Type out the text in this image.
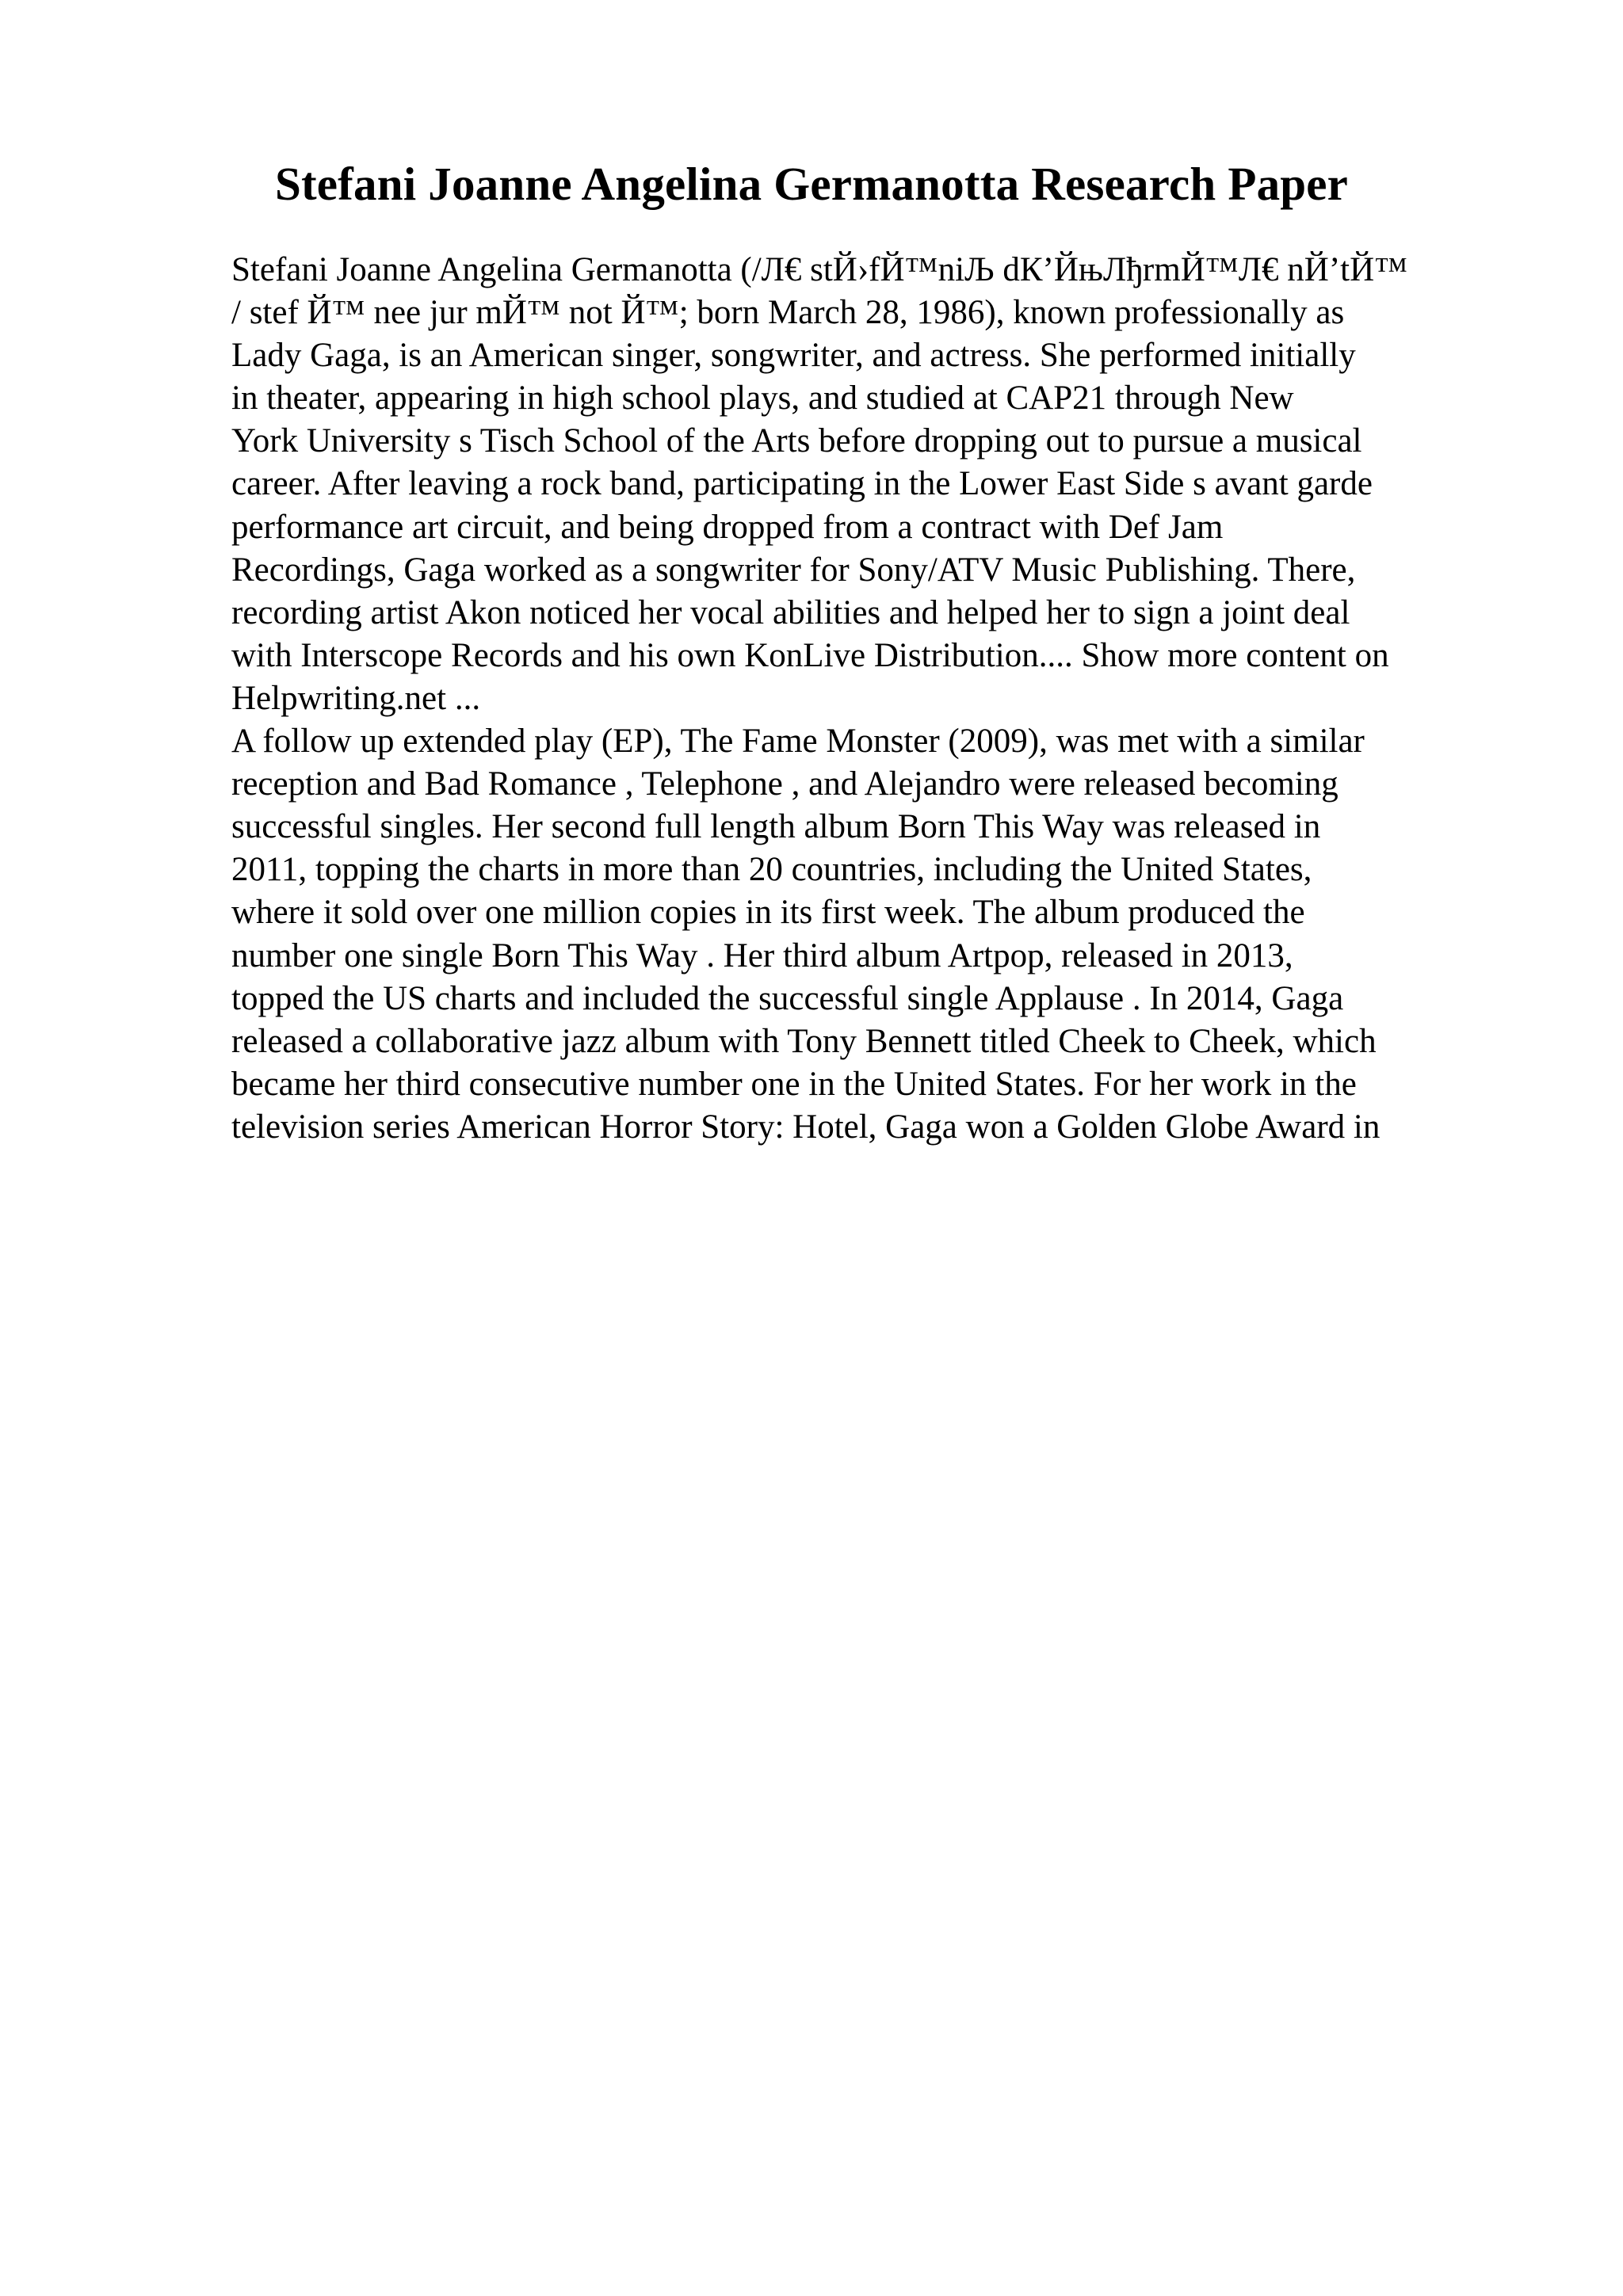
Stefani Joanne Angelina Germanotta Research Paper
Stefani Joanne Angelina Germanotta (/Л€ stЙ›fЙ™niЉ dК’ЙњЛђrmЙ™Л€ nЙ’tЙ™
/ stef Й™ nee jur mЙ™ not Й™; born March 28, 1986), known professionally as
Lady Gaga, is an American singer, songwriter, and actress. She performed initially
in theater, appearing in high school plays, and studied at CAP21 through New
York University s Tisch School of the Arts before dropping out to pursue a musical
career. After leaving a rock band, participating in the Lower East Side s avant garde
performance art circuit, and being dropped from a contract with Def Jam
Recordings, Gaga worked as a songwriter for Sony/ATV Music Publishing. There,
recording artist Akon noticed her vocal abilities and helped her to sign a joint deal
with Interscope Records and his own KonLive Distribution.... Show more content on
Helpwriting.net ...
A follow up extended play (EP), The Fame Monster (2009), was met with a similar
reception and Bad Romance , Telephone , and Alejandro were released becoming
successful singles. Her second full length album Born This Way was released in
2011, topping the charts in more than 20 countries, including the United States,
where it sold over one million copies in its first week. The album produced the
number one single Born This Way . Her third album Artpop, released in 2013,
topped the US charts and included the successful single Applause . In 2014, Gaga
released a collaborative jazz album with Tony Bennett titled Cheek to Cheek, which
became her third consecutive number one in the United States. For her work in the
television series American Horror Story: Hotel, Gaga won a Golden Globe Award in
